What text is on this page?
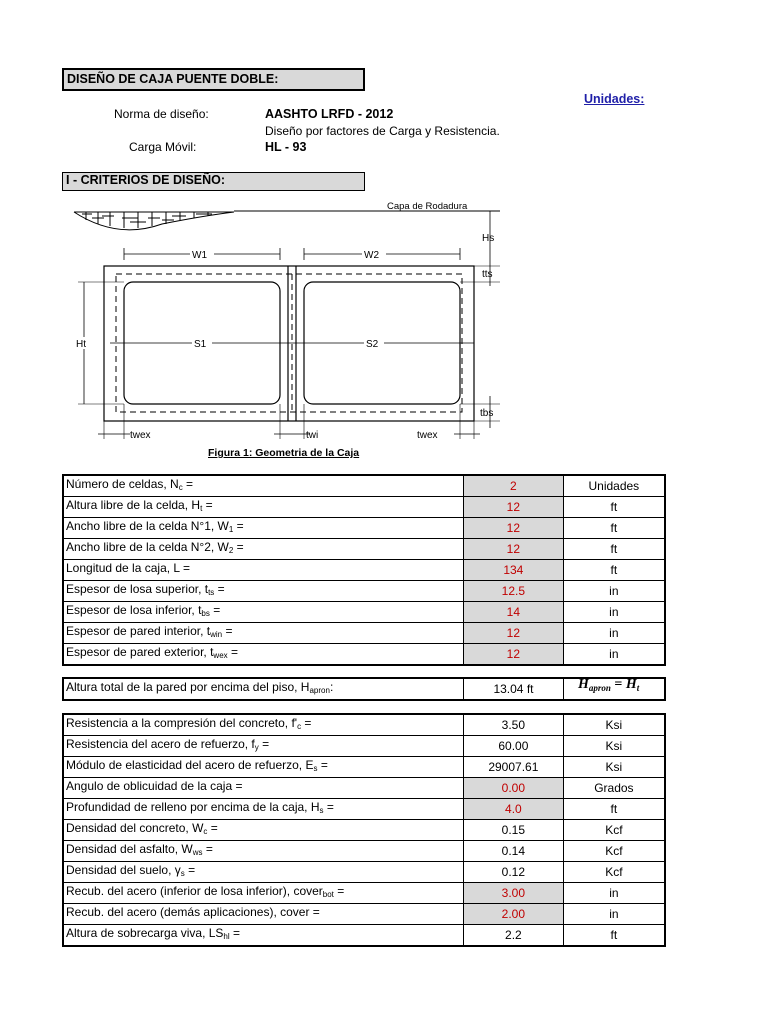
DISEÑO DE CAJA PUENTE DOBLE:
Unidades:
Norma de diseño:	AASHTO LRFD - 2012
Diseño por factores de Carga y Resistencia.
Carga Móvil:	HL - 93
I - CRITERIOS DE DISEÑO:
Capa de Rodadura
W1	W2
S1	S2
Ht
Hs
tts
tbs
twex	twi	twex
Figura 1: Geometria de la Caja
Número de celdas, Nc =	2	Unidades
Altura libre de la celda, Ht =	12	ft
Ancho libre de la celda N°1, W1 =	12	ft
Ancho libre de la celda N°2, W2 =	12	ft
Longitud de la caja, L =	134	ft
Espesor de losa superior, tts =	12.5	in
Espesor de losa inferior, tbs =	14	in
Espesor de pared interior, twin =	12	in
Espesor de pared exterior, twex =	12	in
Altura total de la pared por encima del piso, Hapron:	13.04 ft		$H_{apron} = H_t$
Resistencia a la compresión del concreto, f'c =	3.50	Ksi
Resistencia del acero de refuerzo, fy =	60.00	Ksi
Módulo de elasticidad del acero de refuerzo, Es =	29007.61	Ksi
Angulo de oblicuidad de la caja =	0.00	Grados
Profundidad de relleno por encima de la caja, Hs =	4.0	ft
Densidad del concreto, Wc =	0.15	Kcf
Densidad del asfalto, Wws =	0.14	Kcf
Densidad del suelo, γs =	0.12	Kcf
Recub. del acero (inferior de losa inferior), coverbot =	3.00	in
Recub. del acero (demás aplicaciones), cover =	2.00	in
Altura de sobrecarga viva, LShl =	2.2	ft
